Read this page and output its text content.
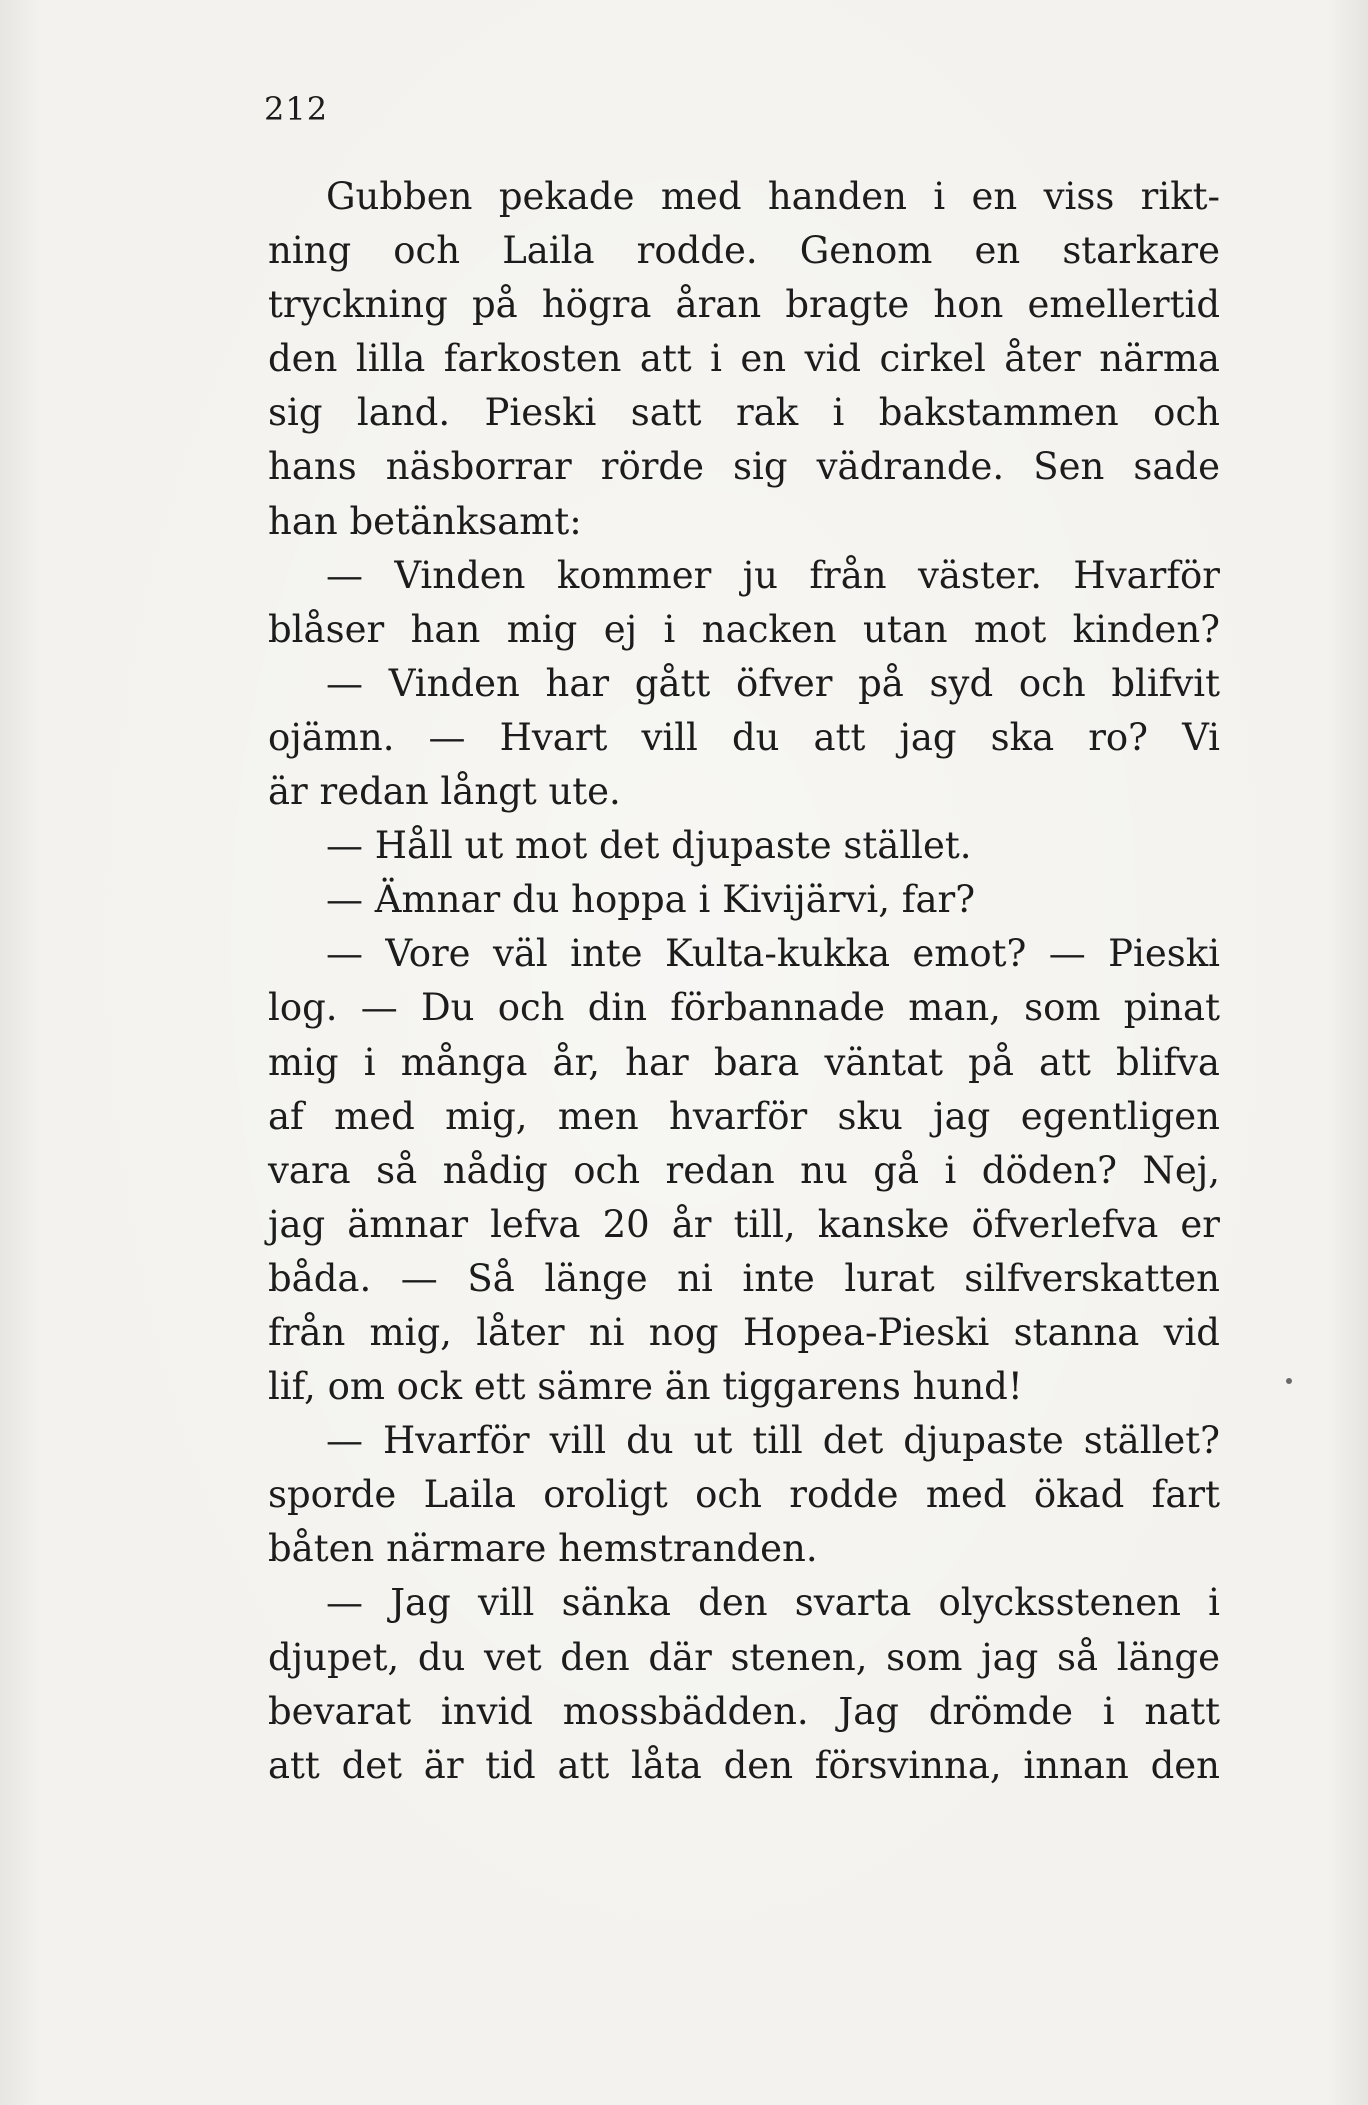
212
Gubben pekade med handen i en viss rikt-
ning och Laila rodde. Genom en starkare
tryckning på högra åran bragte hon emellertid
den lilla farkosten att i en vid cirkel åter närma
sig land. Pieski satt rak i bakstammen och
hans näsborrar rörde sig vädrande. Sen sade
han betänksamt:
— Vinden kommer ju från väster. Hvarför
blåser han mig ej i nacken utan mot kinden?
— Vinden har gått öfver på syd och blifvit
ojämn. — Hvart vill du att jag ska ro? Vi
är redan långt ute.
— Håll ut mot det djupaste stället.
— Ämnar du hoppa i Kivijärvi, far?
— Vore väl inte Kulta-kukka emot? — Pieski
log. — Du och din förbannade man, som pinat
mig i många år, har bara väntat på att blifva
af med mig, men hvarför sku jag egentligen
vara så nådig och redan nu gå i döden? Nej,
jag ämnar lefva 20 år till, kanske öfverlefva er
båda. — Så länge ni inte lurat silfverskatten
från mig, låter ni nog Hopea-Pieski stanna vid
lif, om ock ett sämre än tiggarens hund!
— Hvarför vill du ut till det djupaste stället?
sporde Laila oroligt och rodde med ökad fart
båten närmare hemstranden.
— Jag vill sänka den svarta olycksstenen i
djupet, du vet den där stenen, som jag så länge
bevarat invid mossbädden. Jag drömde i natt
att det är tid att låta den försvinna, innan den
